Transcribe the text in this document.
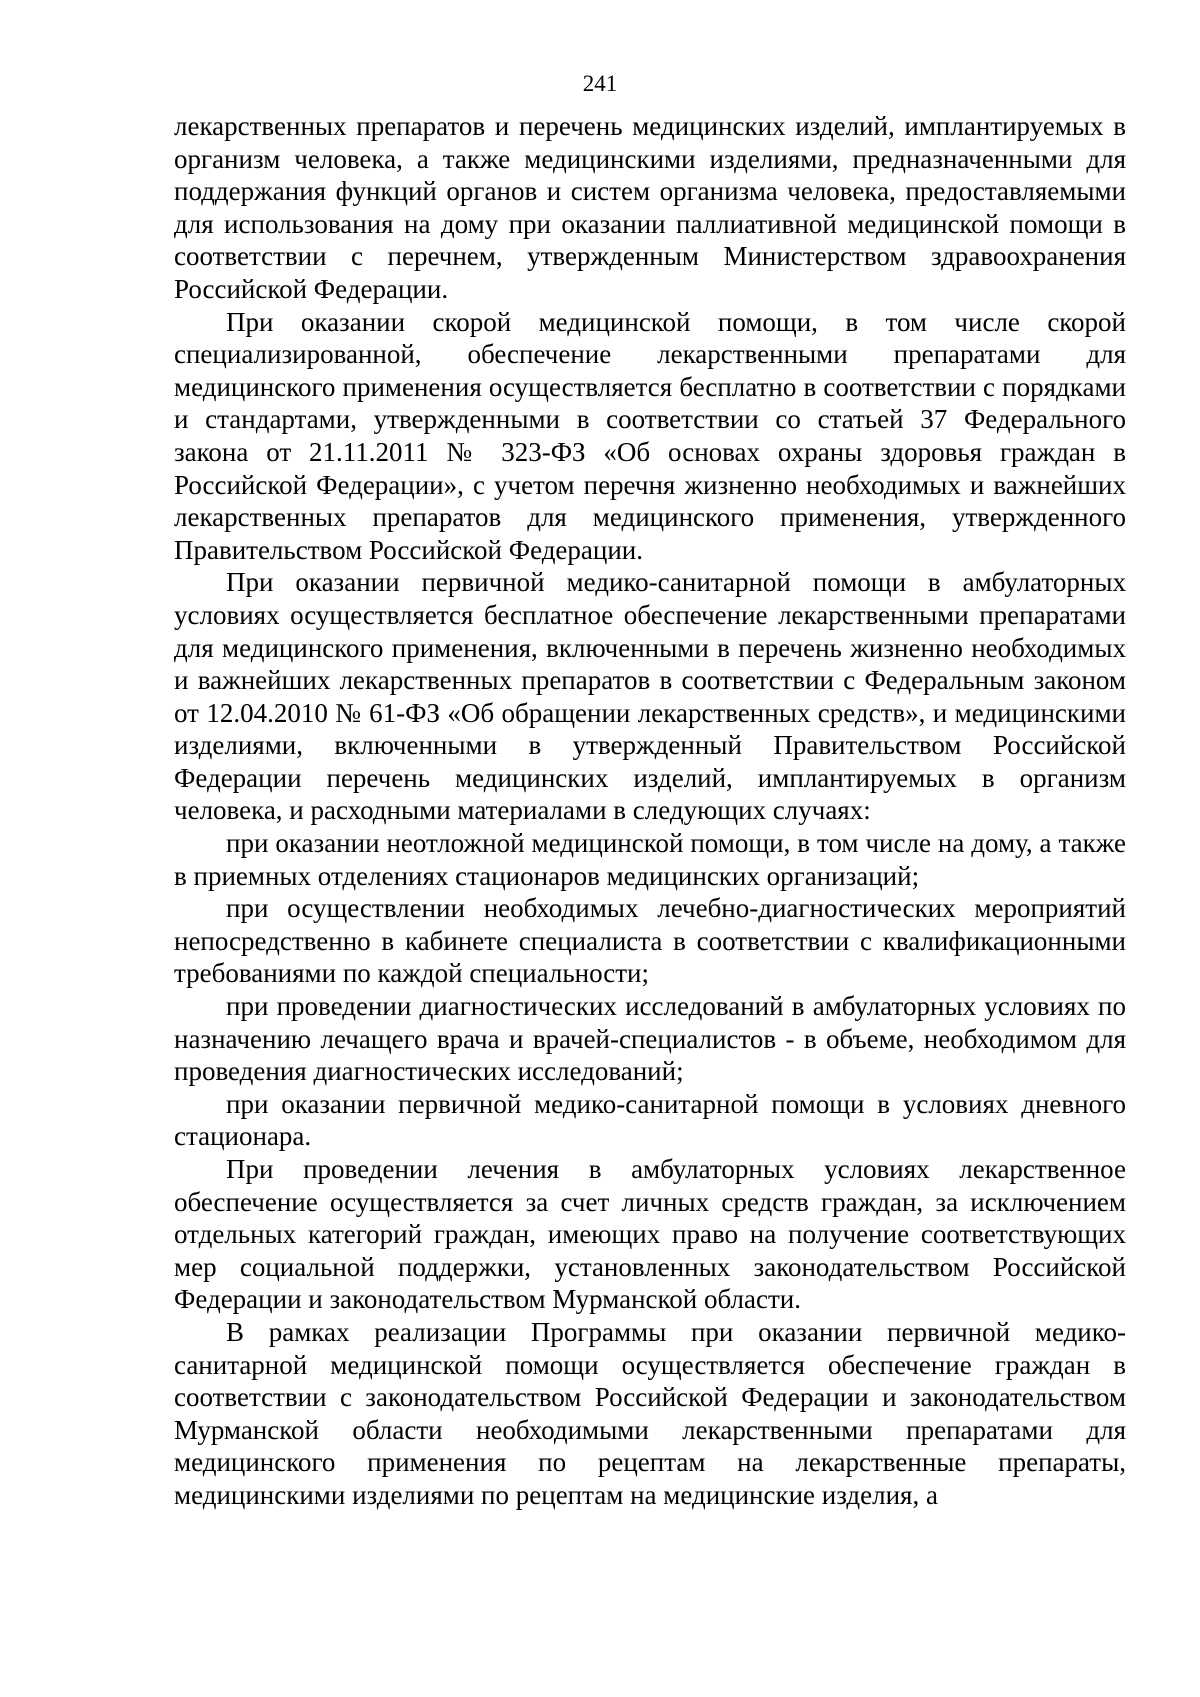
241

лекарственных препаратов и перечень медицинских изделий, имплантируемых в организм человека, а также медицинскими изделиями, предназначенными для поддержания функций органов и систем организма человека, предоставляемыми для использования на дому при оказании паллиативной медицинской помощи в соответствии с перечнем, утвержденным Министерством здравоохранения Российской Федерации.

При оказании скорой медицинской помощи, в том числе скорой специализированной, обеспечение лекарственными препаратами для медицинского применения осуществляется бесплатно в соответствии с порядками и стандартами, утвержденными в соответствии со статьей 37 Федерального закона от 21.11.2011 № 323-ФЗ «Об основах охраны здоровья граждан в Российской Федерации», с учетом перечня жизненно необходимых и важнейших лекарственных препаратов для медицинского применения, утвержденного Правительством Российской Федерации.

При оказании первичной медико-санитарной помощи в амбулаторных условиях осуществляется бесплатное обеспечение лекарственными препаратами для медицинского применения, включенными в перечень жизненно необходимых и важнейших лекарственных препаратов в соответствии с Федеральным законом от 12.04.2010 № 61-ФЗ «Об обращении лекарственных средств», и медицинскими изделиями, включенными в утвержденный Правительством Российской Федерации перечень медицинских изделий, имплантируемых в организм человека, и расходными материалами в следующих случаях:

при оказании неотложной медицинской помощи, в том числе на дому, а также в приемных отделениях стационаров медицинских организаций;

при осуществлении необходимых лечебно-диагностических мероприятий непосредственно в кабинете специалиста в соответствии с квалификационными требованиями по каждой специальности;

при проведении диагностических исследований в амбулаторных условиях по назначению лечащего врача и врачей-специалистов - в объеме, необходимом для проведения диагностических исследований;

при оказании первичной медико-санитарной помощи в условиях дневного стационара.

При проведении лечения в амбулаторных условиях лекарственное обеспечение осуществляется за счет личных средств граждан, за исключением отдельных категорий граждан, имеющих право на получение соответствующих мер социальной поддержки, установленных законодательством Российской Федерации и законодательством Мурманской области.

В рамках реализации Программы при оказании первичной медико-санитарной медицинской помощи осуществляется обеспечение граждан в соответствии с законодательством Российской Федерации и законодательством Мурманской области необходимыми лекарственными препаратами для медицинского применения по рецептам на лекарственные препараты, медицинскими изделиями по рецептам на медицинские изделия, а
